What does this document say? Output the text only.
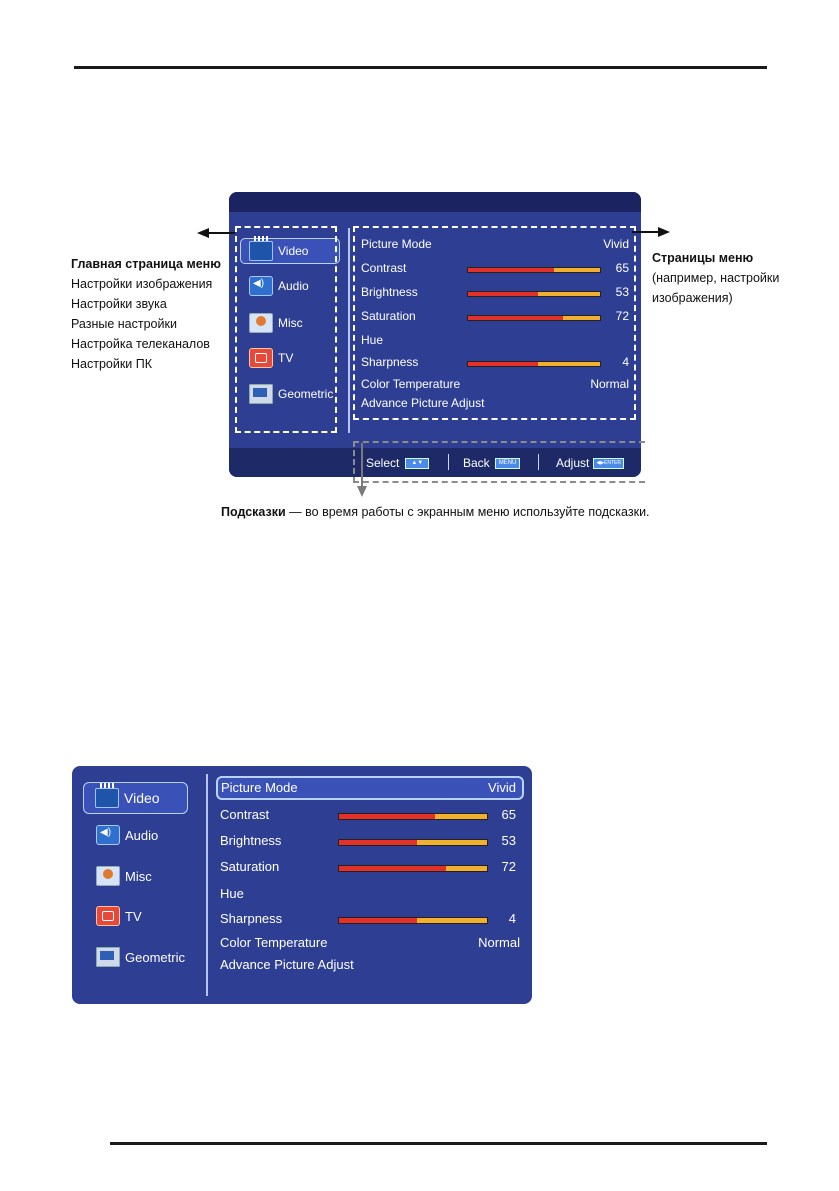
Video
◀)
Audio
Misc
TV
Geometric
Picture Mode	Vivid
Contrast	65
Brightness	53
Saturation	72
Hue
Sharpness	4
Color Temperature	Normal
Advance Picture Adjust
Select	▲▼	Back	MENU	Adjust	◀▶ENTER
Главная страница меню
Настройки изображения
Настройки звука
Разные настройки
Настройка телеканалов
Настройки ПК
Страницы меню
(например, настройки
изображения)
Подсказки — во время работы с экранным меню используйте подсказки.
Video
◀)
Audio
Misc
TV
Geometric
Picture Mode	Vivid
Contrast	65
Brightness	53
Saturation	72
Hue
Sharpness	4
Color Temperature	Normal
Advance Picture Adjust
